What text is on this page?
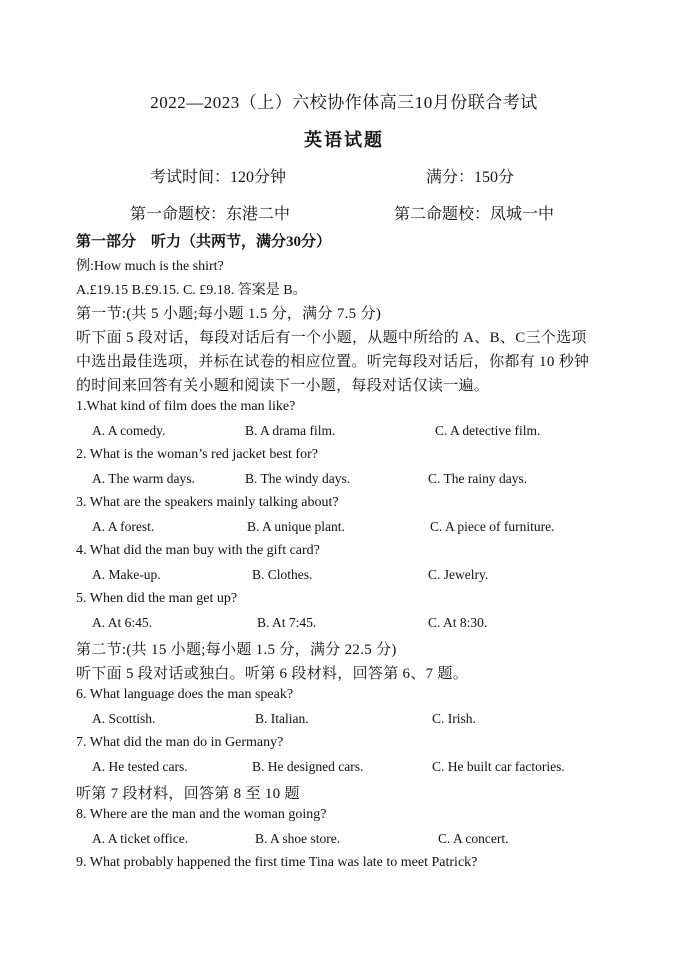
2022—2023（上）六校协作体高三10月份联合考试
英语试题
考试时间：120分钟	满分：150分
第一命题校：东港二中	第二命题校：凤城一中
第一部分　听力（共两节，满分30分）
例:How much is the shirt?
A.£19.15 B.£9.15. C. £9.18. 答案是 B。
第一节:(共 5 小题;每小题 1.5 分，满分 7.5 分)
听下面 5 段对话，每段对话后有一个小题，从题中所给的 A、B、C三个选项
中选出最佳选项，并标在试卷的相应位置。听完每段对话后，你都有 10 秒钟
的时间来回答有关小题和阅读下一小题，每段对话仅读一遍。
1.What kind of film does the man like?
A. A comedy.	B. A drama film.	C. A detective film.
2. What is the woman’s red jacket best for?
A. The warm days.	B. The windy days.	C. The rainy days.
3. What are the speakers mainly talking about?
A. A forest.	B. A unique plant.	C. A piece of furniture.
4. What did the man buy with the gift card?
A. Make-up.	B. Clothes.	C. Jewelry.
5. When did the man get up?
A. At 6:45.	B. At 7:45.	C. At 8:30.
第二节:(共 15 小题;每小题 1.5 分，满分 22.5 分)
听下面 5 段对话或独白。听第 6 段材料，回答第 6、7 题。
6. What language does the man speak?
A. Scottish.	B. Italian.	C. Irish.
7. What did the man do in Germany?
A. He tested cars.	B. He designed cars.	C. He built car factories.
听第 7 段材料，回答第 8 至 10 题
8. Where are the man and the woman going?
A. A ticket office.	B. A shoe store.	C. A concert.
9. What probably happened the first time Tina was late to meet Patrick?
